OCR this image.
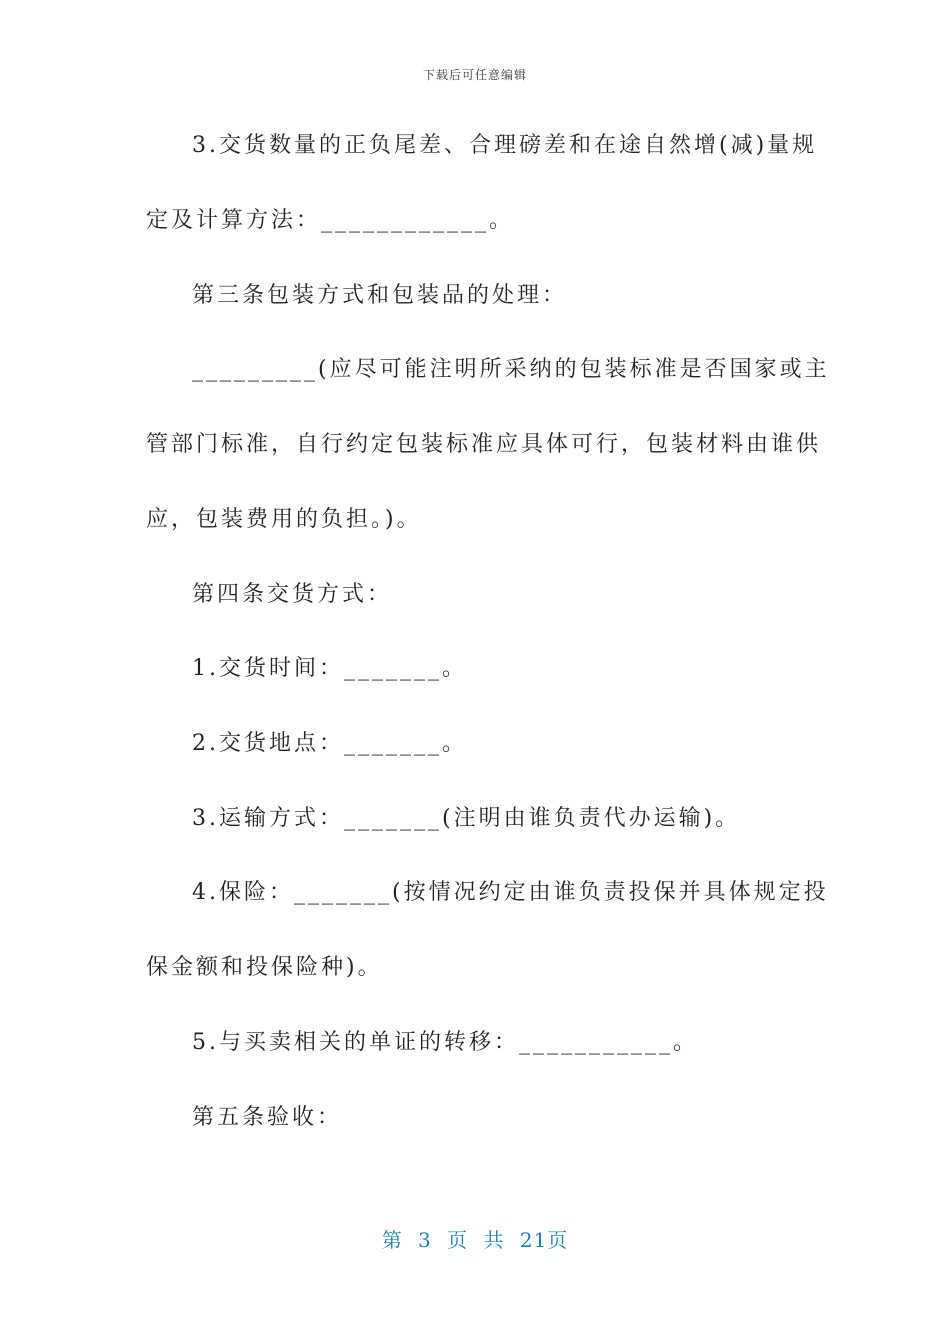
下载后可任意编辑
3.交货数量的正负尾差、合理磅差和在途自然增(减)量规
定及计算方法：____________。
第三条包装方式和包装品的处理：
_________(应尽可能注明所采纳的包装标准是否国家或主
管部门标准，自行约定包装标准应具体可行，包装材料由谁供
应，包装费用的负担。)。
第四条交货方式：
1.交货时间：_______。
2.交货地点：_______。
3.运输方式：_______(注明由谁负责代办运输)。
4.保险：_______(按情况约定由谁负责投保并具体规定投
保金额和投保险种)。
5.与买卖相关的单证的转移：___________。
第五条验收：
第 3 页 共 21页
